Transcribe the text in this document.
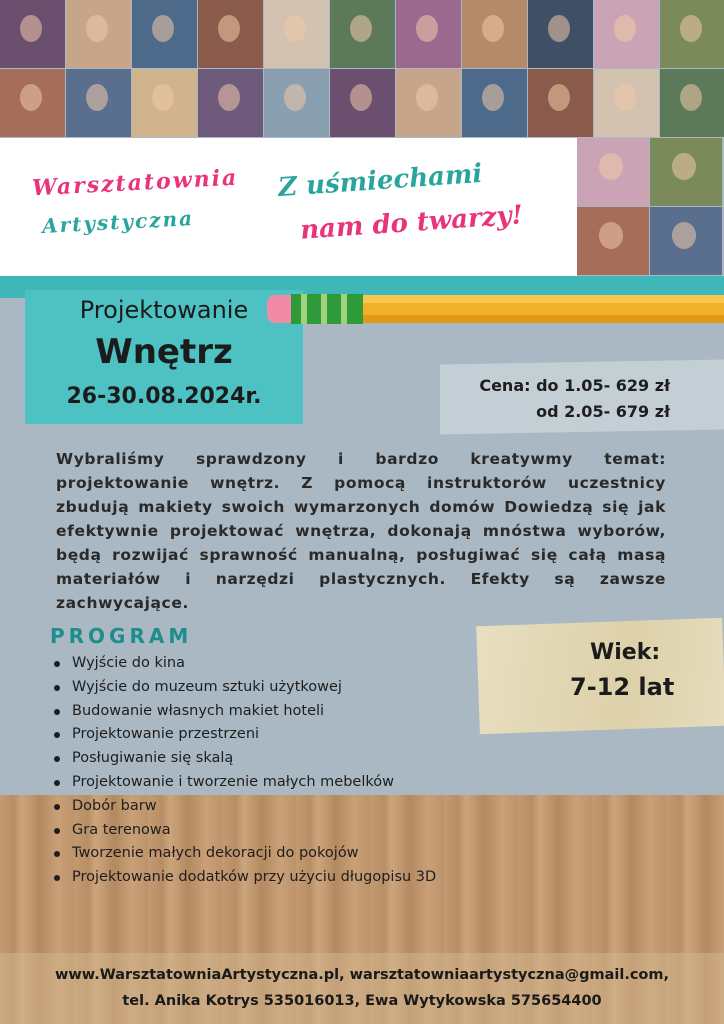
Warsztatownia
Artystyczna
Z uśmiechami
nam do twarzy!
Projektowanie
Wnętrz
26-30.08.2024r.	Cena: do 1.05- 629 zł
od 2.05- 679 zł
Wybraliśmy sprawdzony i bardzo kreatywmy temat: projektowanie wnętrz. Z pomocą instruktorów uczestnicy zbudują makiety swoich wymarzonych domów Dowiedzą się jak efektywnie projektować wnętrza, dokonają mnóstwa wyborów, będą rozwijać sprawność manualną, posługiwać się całą masą materiałów i narzędzi plastycznych. Efekty są zawsze zachwycające.
PROGRAM
Wiek:
7-12 lat
Wyjście do kina
Wyjście do muzeum sztuki użytkowej
Budowanie własnych makiet hoteli
Projektowanie przestrzeni
Posługiwanie się skalą
Projektowanie i tworzenie małych mebelków
Dobór barw
Gra terenowa
Tworzenie małych dekoracji do pokojów
Projektowanie dodatków przy użyciu długopisu 3D
www.WarsztatowniaArtystyczna.pl, warsztatowniaartystyczna@gmail.com,
tel. Anika Kotrys 535016013, Ewa Wytykowska 575654400
